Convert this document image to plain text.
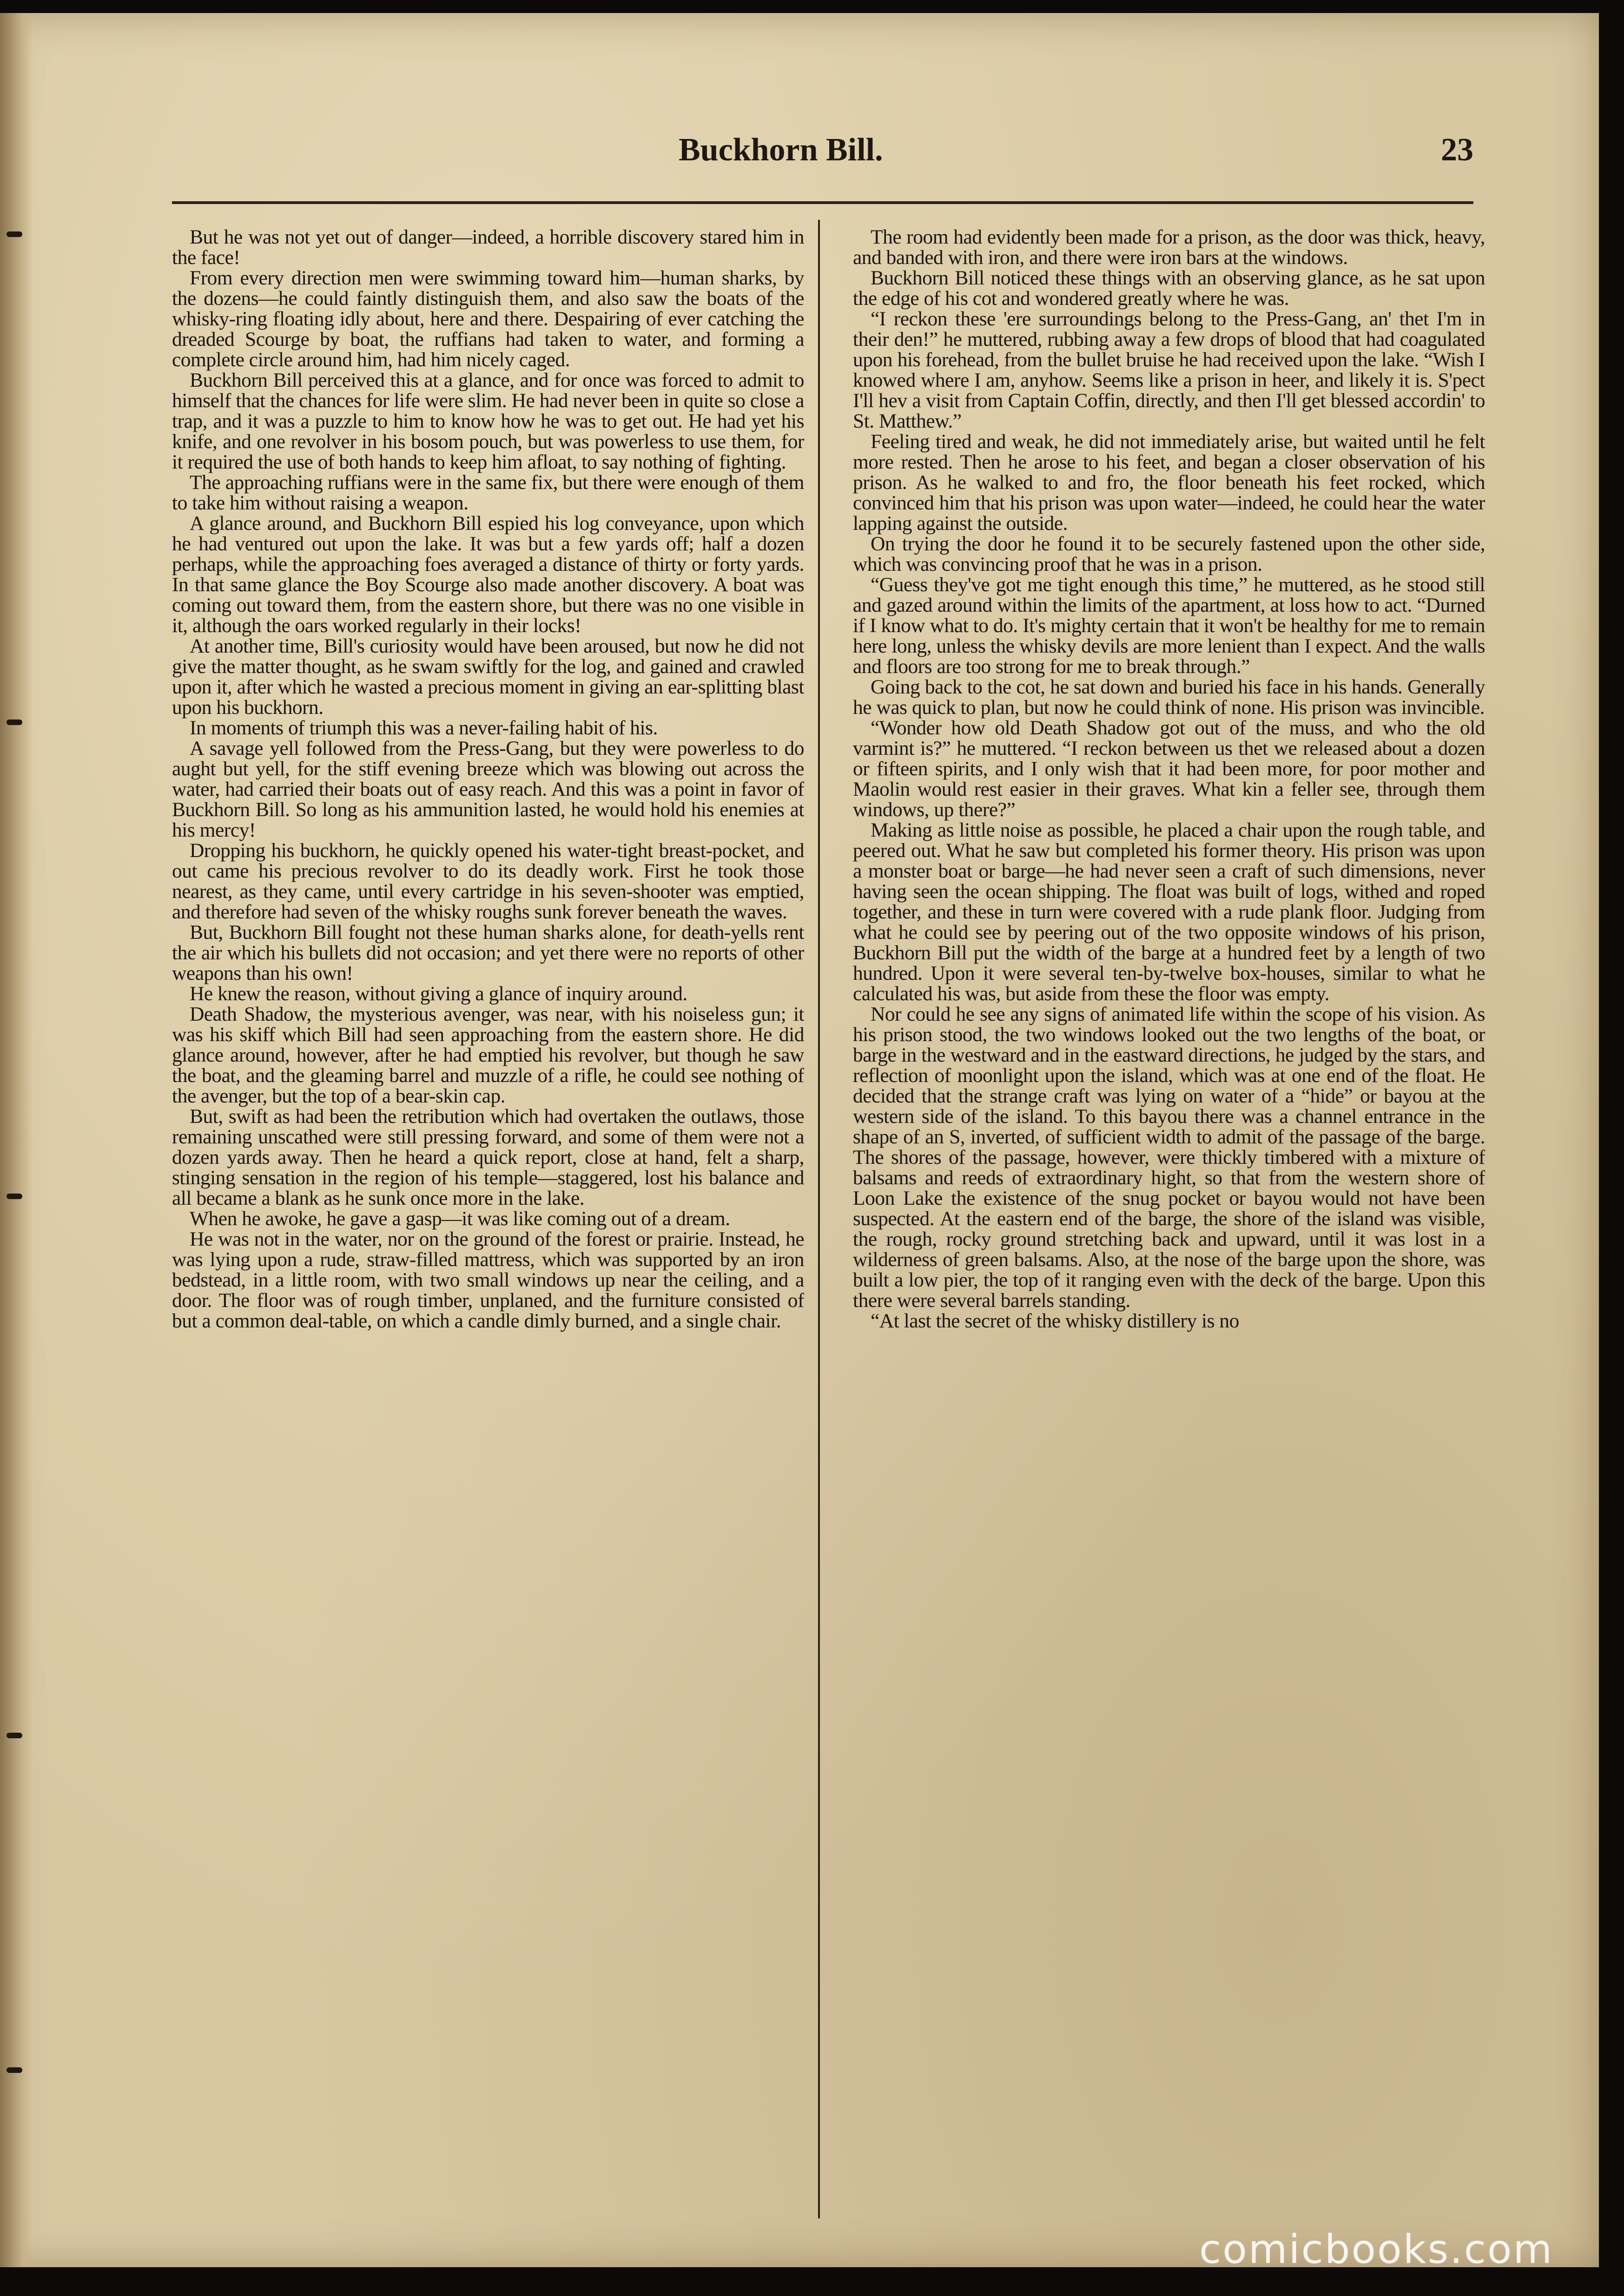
Buckhorn Bill.	23

But he was not yet out of danger—indeed, a horrible discovery stared him in the face!

From every direction men were swimming toward him—human sharks, by the dozens—he could faintly distinguish them, and also saw the boats of the whisky-ring floating idly about, here and there. Despairing of ever catching the dreaded Scourge by boat, the ruffians had taken to water, and forming a complete circle around him, had him nicely caged.

Buckhorn Bill perceived this at a glance, and for once was forced to admit to himself that the chances for life were slim. He had never been in quite so close a trap, and it was a puzzle to him to know how he was to get out. He had yet his knife, and one revolver in his bosom pouch, but was powerless to use them, for it required the use of both hands to keep him afloat, to say nothing of fighting.

The approaching ruffians were in the same fix, but there were enough of them to take him without raising a weapon.

A glance around, and Buckhorn Bill espied his log conveyance, upon which he had ventured out upon the lake. It was but a few yards off; half a dozen perhaps, while the approaching foes averaged a distance of thirty or forty yards. In that same glance the Boy Scourge also made another discovery. A boat was coming out toward them, from the eastern shore, but there was no one visible in it, although the oars worked regularly in their locks!

At another time, Bill's curiosity would have been aroused, but now he did not give the matter thought, as he swam swiftly for the log, and gained and crawled upon it, after which he wasted a precious moment in giving an ear-splitting blast upon his buckhorn.

In moments of triumph this was a never-failing habit of his.

A savage yell followed from the Press-Gang, but they were powerless to do aught but yell, for the stiff evening breeze which was blowing out across the water, had carried their boats out of easy reach. And this was a point in favor of Buckhorn Bill. So long as his ammunition lasted, he would hold his enemies at his mercy!

Dropping his buckhorn, he quickly opened his water-tight breast-pocket, and out came his precious revolver to do its deadly work. First he took those nearest, as they came, until every cartridge in his seven-shooter was emptied, and therefore had seven of the whisky roughs sunk forever beneath the waves.

But, Buckhorn Bill fought not these human sharks alone, for death-yells rent the air which his bullets did not occasion; and yet there were no reports of other weapons than his own!

He knew the reason, without giving a glance of inquiry around.

Death Shadow, the mysterious avenger, was near, with his noiseless gun; it was his skiff which Bill had seen approaching from the eastern shore. He did glance around, however, after he had emptied his revolver, but though he saw the boat, and the gleaming barrel and muzzle of a rifle, he could see nothing of the avenger, but the top of a bear-skin cap.

But, swift as had been the retribution which had overtaken the outlaws, those remaining unscathed were still pressing forward, and some of them were not a dozen yards away. Then he heard a quick report, close at hand, felt a sharp, stinging sensation in the region of his temple—staggered, lost his balance and all became a blank as he sunk once more in the lake.

When he awoke, he gave a gasp—it was like coming out of a dream.

He was not in the water, nor on the ground of the forest or prairie. Instead, he was lying upon a rude, straw-filled mattress, which was supported by an iron bedstead, in a little room, with two small windows up near the ceiling, and a door. The floor was of rough timber, unplaned, and the furniture consisted of but a common deal-table, on which a candle dimly burned, and a single chair.

The room had evidently been made for a prison, as the door was thick, heavy, and banded with iron, and there were iron bars at the windows.

Buckhorn Bill noticed these things with an observing glance, as he sat upon the edge of his cot and wondered greatly where he was.

“I reckon these 'ere surroundings belong to the Press-Gang, an' thet I'm in their den!” he muttered, rubbing away a few drops of blood that had coagulated upon his forehead, from the bullet bruise he had received upon the lake. “Wish I knowed where I am, anyhow. Seems like a prison in heer, and likely it is. S'pect I'll hev a visit from Captain Coffin, directly, and then I'll get blessed accordin' to St. Matthew.”

Feeling tired and weak, he did not immediately arise, but waited until he felt more rested. Then he arose to his feet, and began a closer observation of his prison. As he walked to and fro, the floor beneath his feet rocked, which convinced him that his prison was upon water—indeed, he could hear the water lapping against the outside.

On trying the door he found it to be securely fastened upon the other side, which was convincing proof that he was in a prison.

“Guess they've got me tight enough this time,” he muttered, as he stood still and gazed around within the limits of the apartment, at loss how to act. “Durned if I know what to do. It's mighty certain that it won't be healthy for me to remain here long, unless the whisky devils are more lenient than I expect. And the walls and floors are too strong for me to break through.”

Going back to the cot, he sat down and buried his face in his hands. Generally he was quick to plan, but now he could think of none. His prison was invincible.

“Wonder how old Death Shadow got out of the muss, and who the old varmint is?” he muttered. “I reckon between us thet we released about a dozen or fifteen spirits, and I only wish that it had been more, for poor mother and Maolin would rest easier in their graves. What kin a feller see, through them windows, up there?”

Making as little noise as possible, he placed a chair upon the rough table, and peered out. What he saw but completed his former theory. His prison was upon a monster boat or barge—he had never seen a craft of such dimensions, never having seen the ocean shipping. The float was built of logs, withed and roped together, and these in turn were covered with a rude plank floor. Judging from what he could see by peering out of the two opposite windows of his prison, Buckhorn Bill put the width of the barge at a hundred feet by a length of two hundred. Upon it were several ten-by-twelve box-houses, similar to what he calculated his was, but aside from these the floor was empty.

Nor could he see any signs of animated life within the scope of his vision. As his prison stood, the two windows looked out the two lengths of the boat, or barge in the westward and in the eastward directions, he judged by the stars, and reflection of moonlight upon the island, which was at one end of the float. He decided that the strange craft was lying on water of a “hide” or bayou at the western side of the island. To this bayou there was a channel entrance in the shape of an S, inverted, of sufficient width to admit of the passage of the barge. The shores of the passage, however, were thickly timbered with a mixture of balsams and reeds of extraordinary hight, so that from the western shore of Loon Lake the existence of the snug pocket or bayou would not have been suspected. At the eastern end of the barge, the shore of the island was visible, the rough, rocky ground stretching back and upward, until it was lost in a wilderness of green balsams. Also, at the nose of the barge upon the shore, was built a low pier, the top of it ranging even with the deck of the barge. Upon this there were several barrels standing.

“At last the secret of the whisky distillery is no

comicbooks.com
